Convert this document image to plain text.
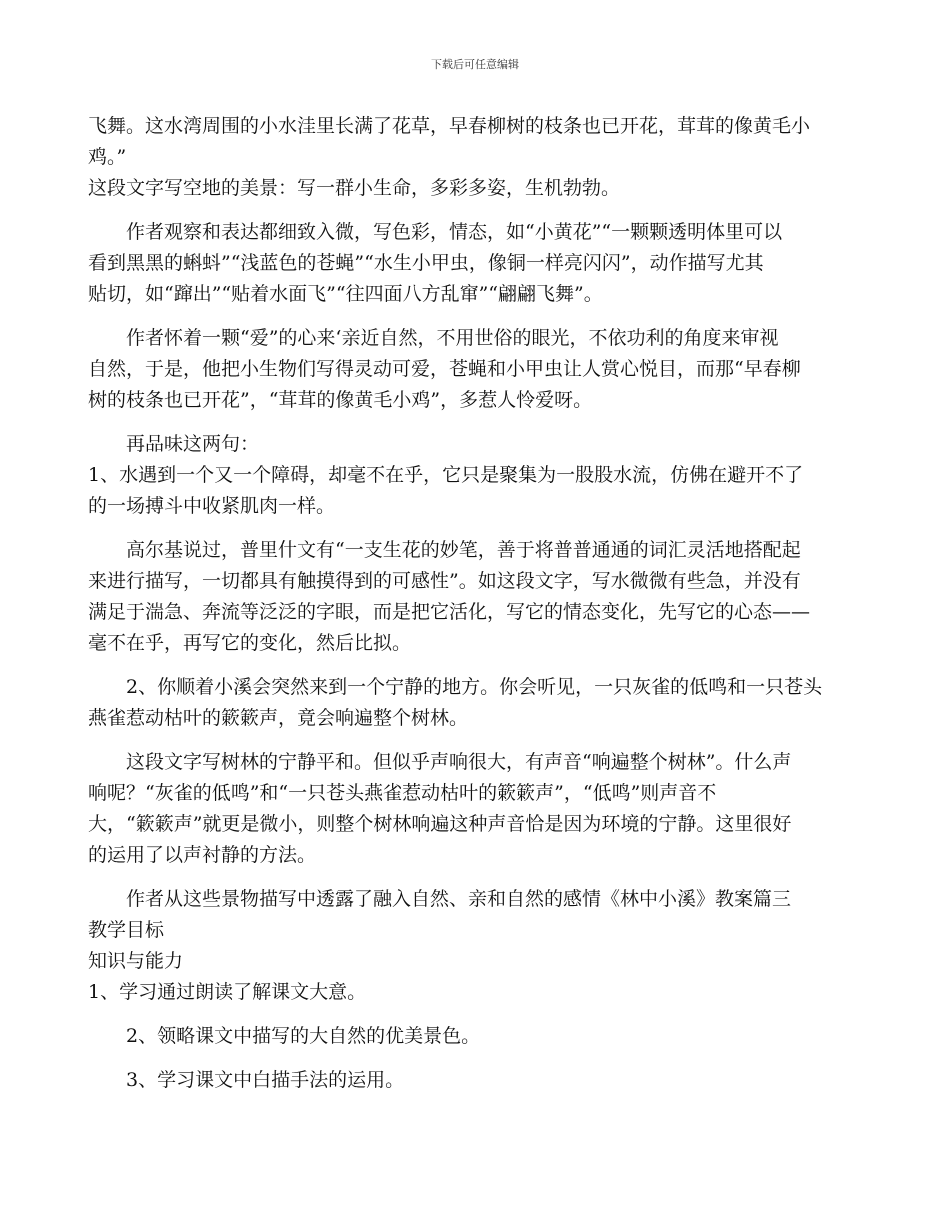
下载后可任意编辑

飞舞。这水湾周围的小水洼里长满了花草，早春柳树的枝条也已开花，茸茸的像黄毛小

鸡。”

这段文字写空地的美景：写一群小生命，多彩多姿，生机勃勃。

作者观察和表达都细致入微，写色彩，情态，如“小黄花”“一颗颗透明体里可以

看到黑黑的蝌蚪”“浅蓝色的苍蝇”“水生小甲虫，像铜一样亮闪闪”，动作描写尤其

贴切，如“蹿出”“贴着水面飞”“往四面八方乱窜”“翩翩飞舞”。

作者怀着一颗“爱”的心来‘亲近自然，不用世俗的眼光，不依功利的角度来审视

自然，于是，他把小生物们写得灵动可爱，苍蝇和小甲虫让人赏心悦目，而那“早春柳

树的枝条也已开花”，“茸茸的像黄毛小鸡”，多惹人怜爱呀。

再品味这两句：

1、水遇到一个又一个障碍，却毫不在乎，它只是聚集为一股股水流，仿佛在避开不了

的一场搏斗中收紧肌肉一样。

高尔基说过，普里什文有“一支生花的妙笔，善于将普普通通的词汇灵活地搭配起

来进行描写，一切都具有触摸得到的可感性”。如这段文字，写水微微有些急，并没有

满足于湍急、奔流等泛泛的字眼，而是把它活化，写它的情态变化，先写它的心态——

毫不在乎，再写它的变化，然后比拟。

2、你顺着小溪会突然来到一个宁静的地方。你会听见，一只灰雀的低鸣和一只苍头

燕雀惹动枯叶的簌簌声，竟会响遍整个树林。

这段文字写树林的宁静平和。但似乎声响很大，有声音“响遍整个树林”。什么声

响呢？“灰雀的低鸣”和“一只苍头燕雀惹动枯叶的簌簌声”，“低鸣”则声音不

大，“簌簌声”就更是微小，则整个树林响遍这种声音恰是因为环境的宁静。这里很好

的运用了以声衬静的方法。

作者从这些景物描写中透露了融入自然、亲和自然的感情《林中小溪》教案篇三

教学目标

知识与能力

1、学习通过朗读了解课文大意。

2、领略课文中描写的大自然的优美景色。

3、学习课文中白描手法的运用。
